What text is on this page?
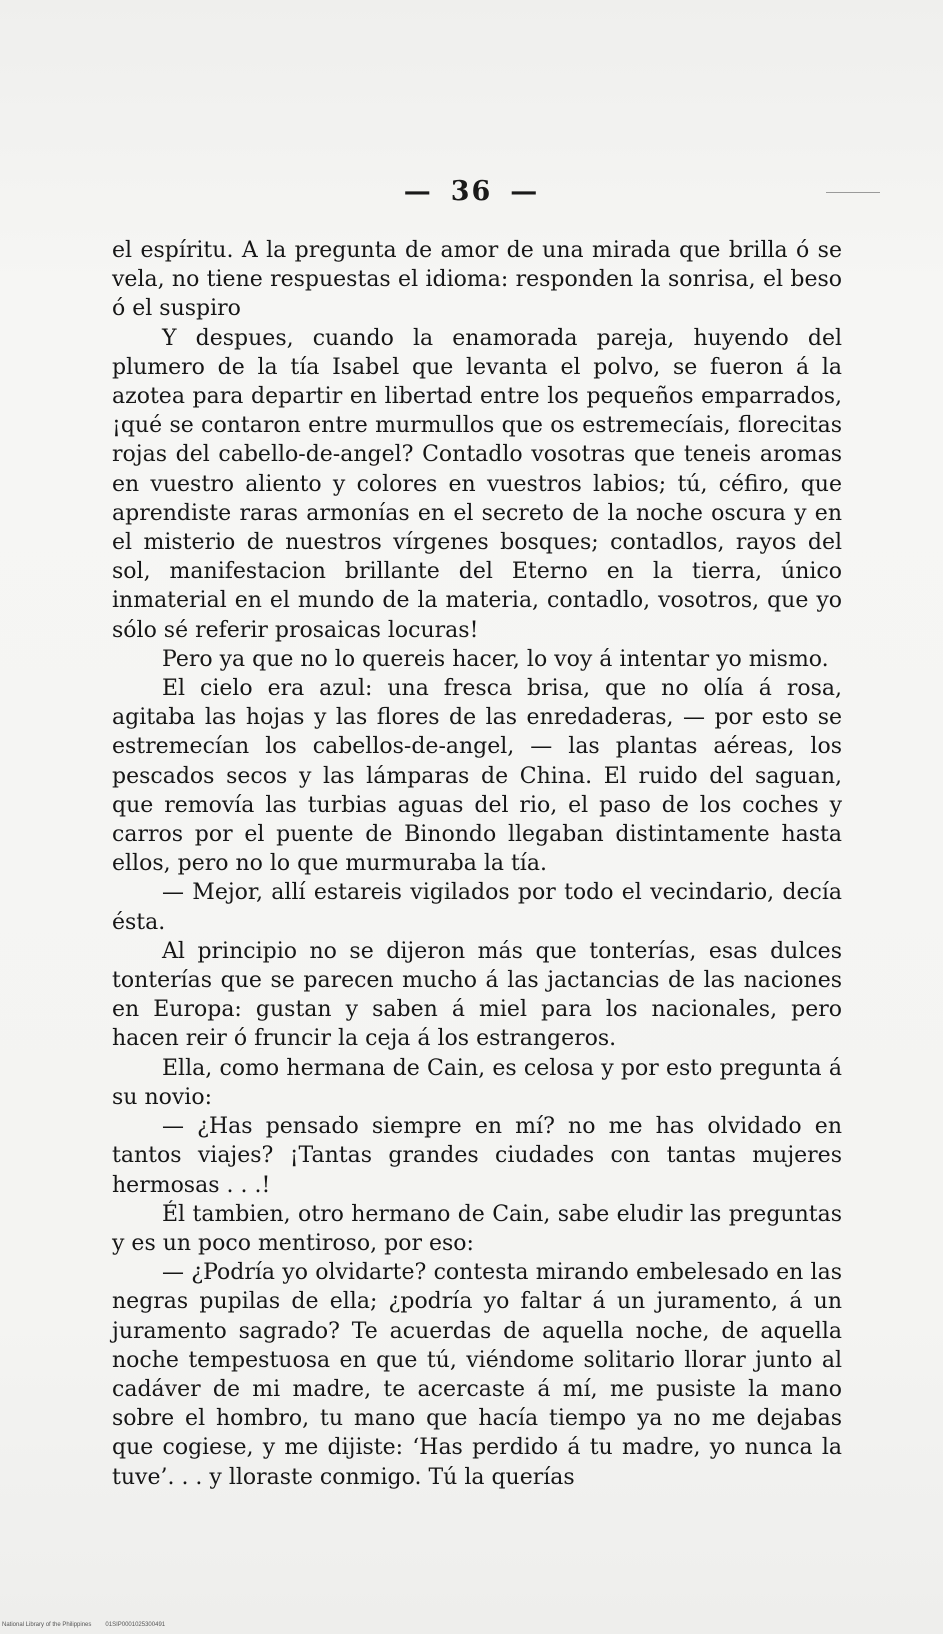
— 36 —

el espíritu. A la pregunta de amor de una mirada que brilla ó se vela, no tiene respuestas el idioma: responden la sonrisa, el beso ó el suspiro

Y despues, cuando la enamorada pareja, huyendo del plumero de la tía Isabel que levanta el polvo, se fueron á la azotea para departir en libertad entre los pequeños emparrados, ¡qué se contaron entre murmullos que os estremecíais, florecitas rojas del cabello-de-angel? Contadlo vosotras que teneis aromas en vuestro aliento y colores en vuestros labios; tú, céfiro, que aprendiste raras armonías en el secreto de la noche oscura y en el misterio de nuestros vírgenes bosques; contadlos, rayos del sol, manifestacion brillante del Eterno en la tierra, único inmaterial en el mundo de la materia, contadlo, vosotros, que yo sólo sé referir prosaicas locuras!

Pero ya que no lo quereis hacer, lo voy á intentar yo mismo.

El cielo era azul: una fresca brisa, que no olía á rosa, agitaba las hojas y las flores de las enredaderas, — por esto se estremecían los cabellos-de-angel, — las plantas aéreas, los pescados secos y las lámparas de China. El ruido del saguan, que removía las turbias aguas del rio, el paso de los coches y carros por el puente de Binondo llegaban distintamente hasta ellos, pero no lo que murmuraba la tía.

— Mejor, allí estareis vigilados por todo el vecindario, decía ésta.

Al principio no se dijeron más que tonterías, esas dulces tonterías que se parecen mucho á las jactancias de las naciones en Europa: gustan y saben á miel para los nacionales, pero hacen reir ó fruncir la ceja á los estrangeros.

Ella, como hermana de Cain, es celosa y por esto pregunta á su novio:

— ¿Has pensado siempre en mí? no me has olvidado en tantos viajes? ¡Tantas grandes ciudades con tantas mujeres hermosas . . .!

Él tambien, otro hermano de Cain, sabe eludir las preguntas y es un poco mentiroso, por eso:

— ¿Podría yo olvidarte? contesta mirando embelesado en las negras pupilas de ella; ¿podría yo faltar á un juramento, á un juramento sagrado? Te acuerdas de aquella noche, de aquella noche tempestuosa en que tú, viéndome solitario llorar junto al cadáver de mi madre, te acercaste á mí, me pusiste la mano sobre el hombro, tu mano que hacía tiempo ya no me dejabas que cogiese, y me dijiste: ‘Has perdido á tu madre, yo nunca la tuve’. . . y lloraste conmigo. Tú la querías

National Library of the Philippines 01SIP0001025300491
